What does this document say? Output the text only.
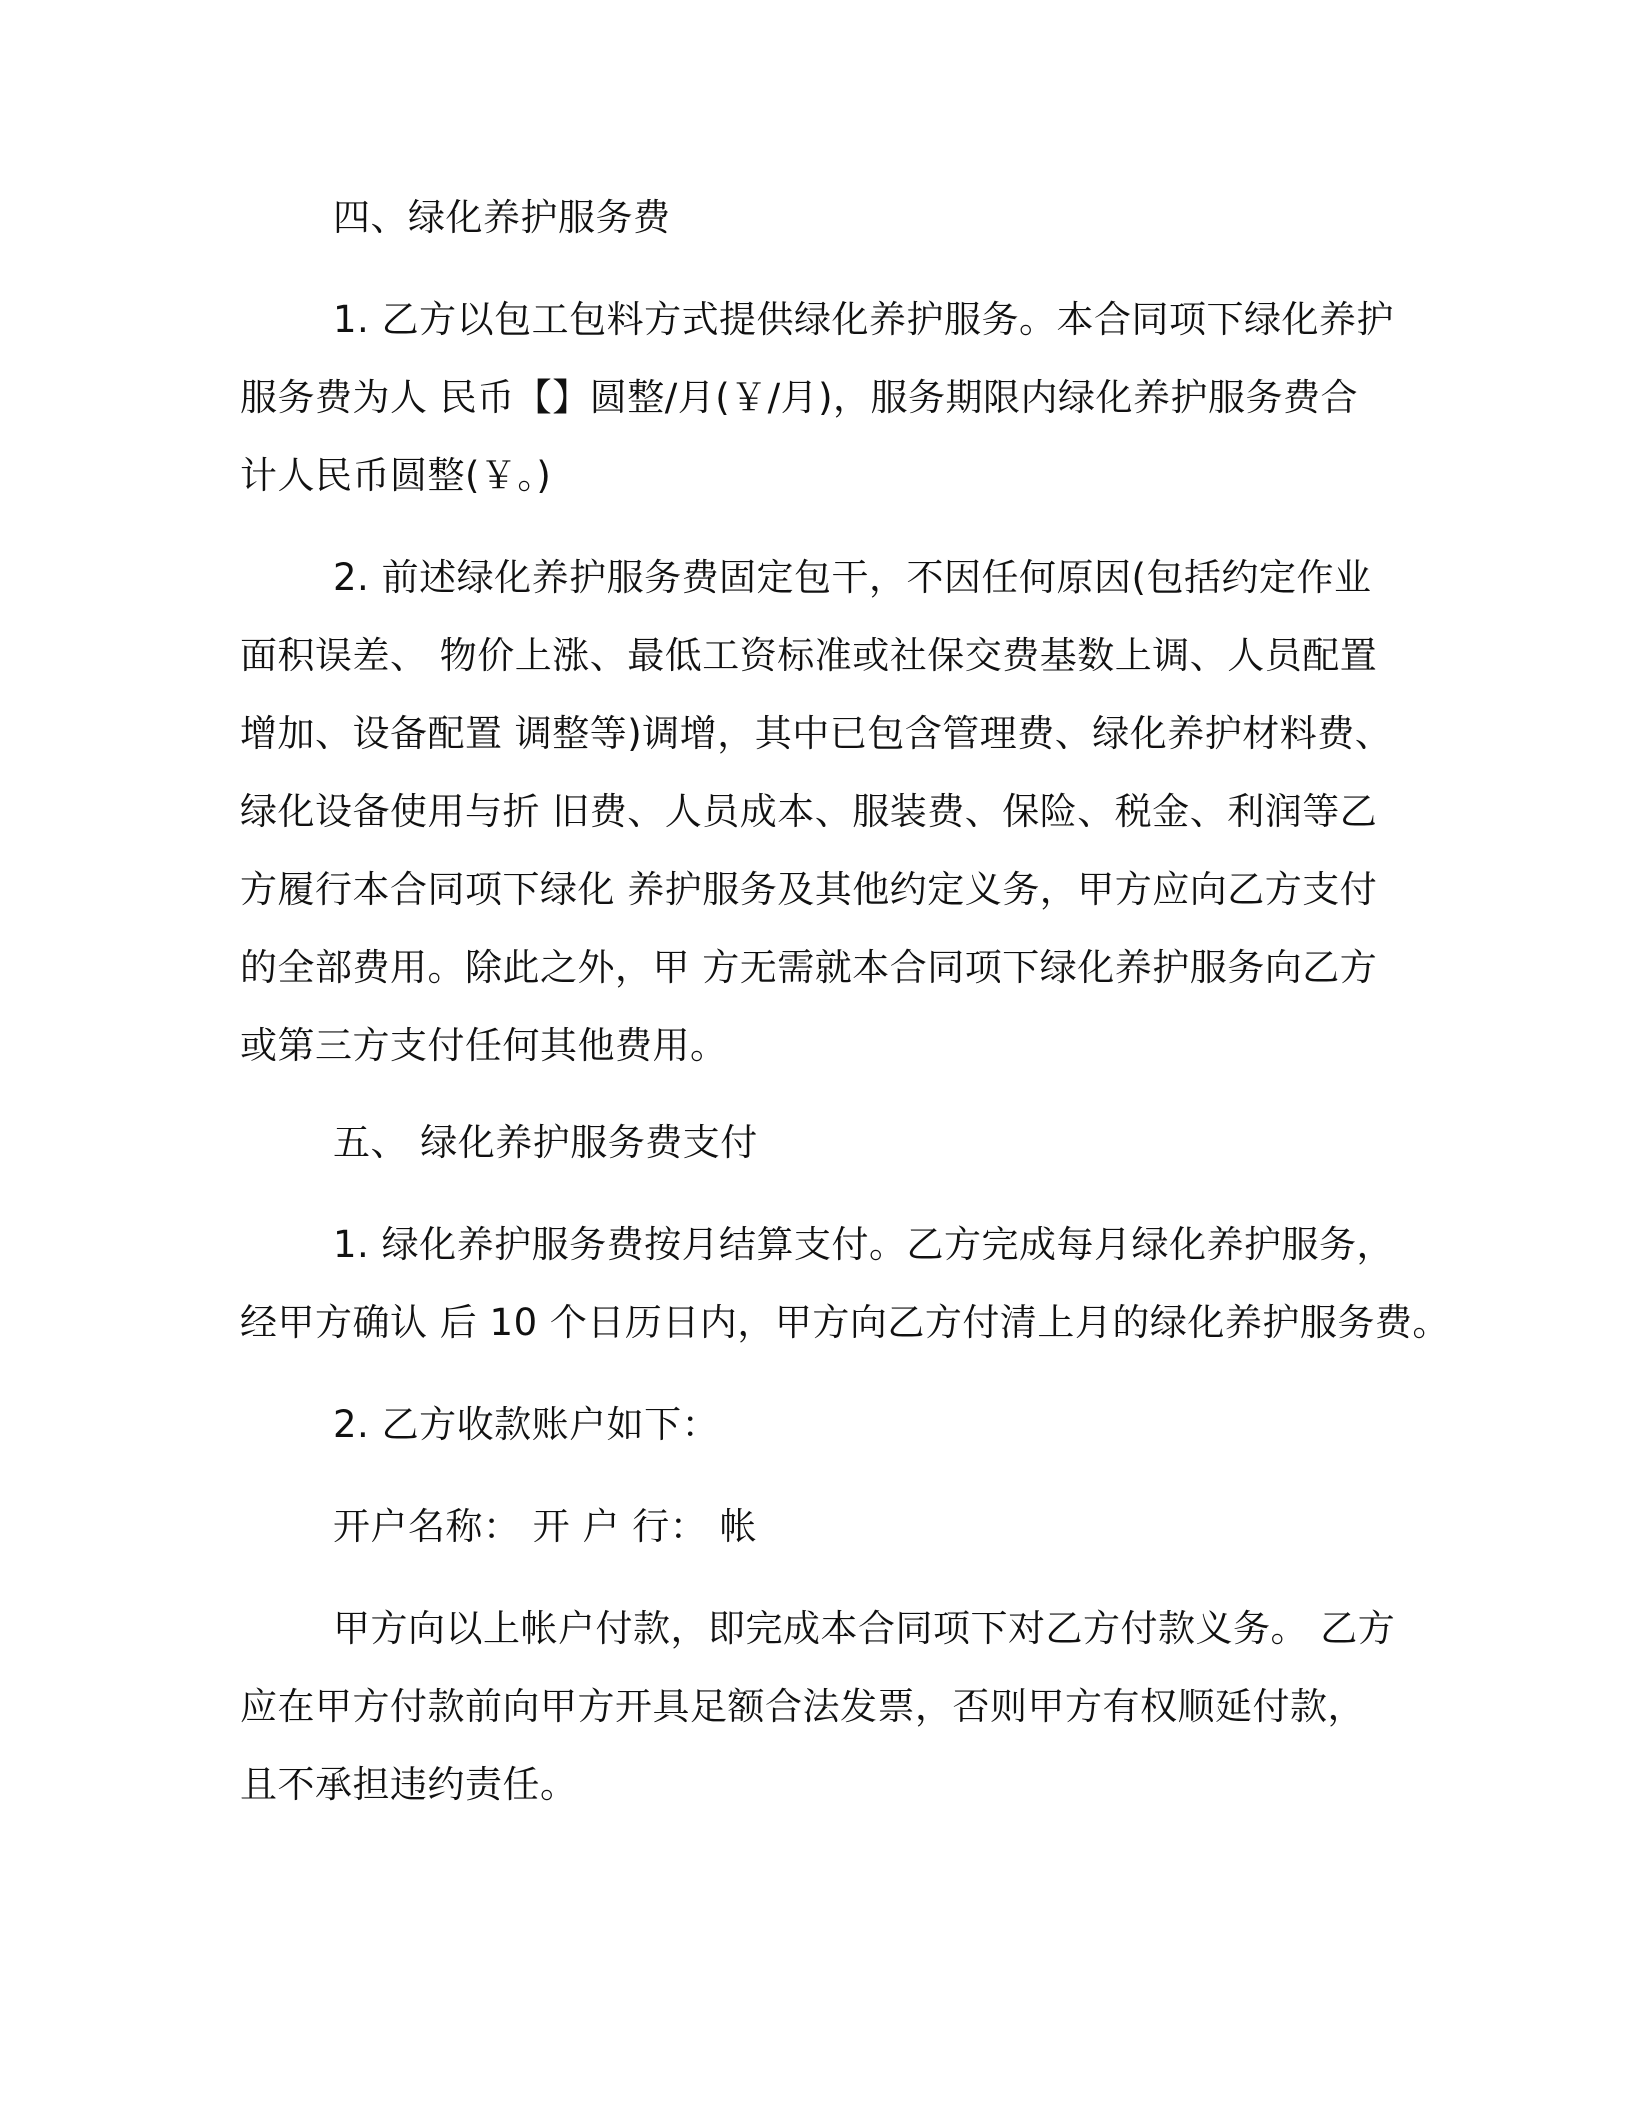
四、绿化养护服务费
1. 乙方以包工包料方式提供绿化养护服务。本合同项下绿化养护
服务费为人 民币【】圆整/月(￥/月)，服务期限内绿化养护服务费合
计人民币圆整(￥。)
2. 前述绿化养护服务费固定包干，不因任何原因(包括约定作业
面积误差、 物价上涨、最低工资标准或社保交费基数上调、人员配置
增加、设备配置 调整等)调增，其中已包含管理费、绿化养护材料费、
绿化设备使用与折 旧费、人员成本、服装费、保险、税金、利润等乙
方履行本合同项下绿化 养护服务及其他约定义务，甲方应向乙方支付
的全部费用。除此之外，甲 方无需就本合同项下绿化养护服务向乙方
或第三方支付任何其他费用。
五、 绿化养护服务费支付
1. 绿化养护服务费按月结算支付。乙方完成每月绿化养护服务，
经甲方确认 后 10 个日历日内，甲方向乙方付清上月的绿化养护服务费。
2. 乙方收款账户如下：
开户名称： 开 户 行： 帐
甲方向以上帐户付款，即完成本合同项下对乙方付款义务。 乙方
应在甲方付款前向甲方开具足额合法发票，否则甲方有权顺延付款，
且不承担违约责任。
